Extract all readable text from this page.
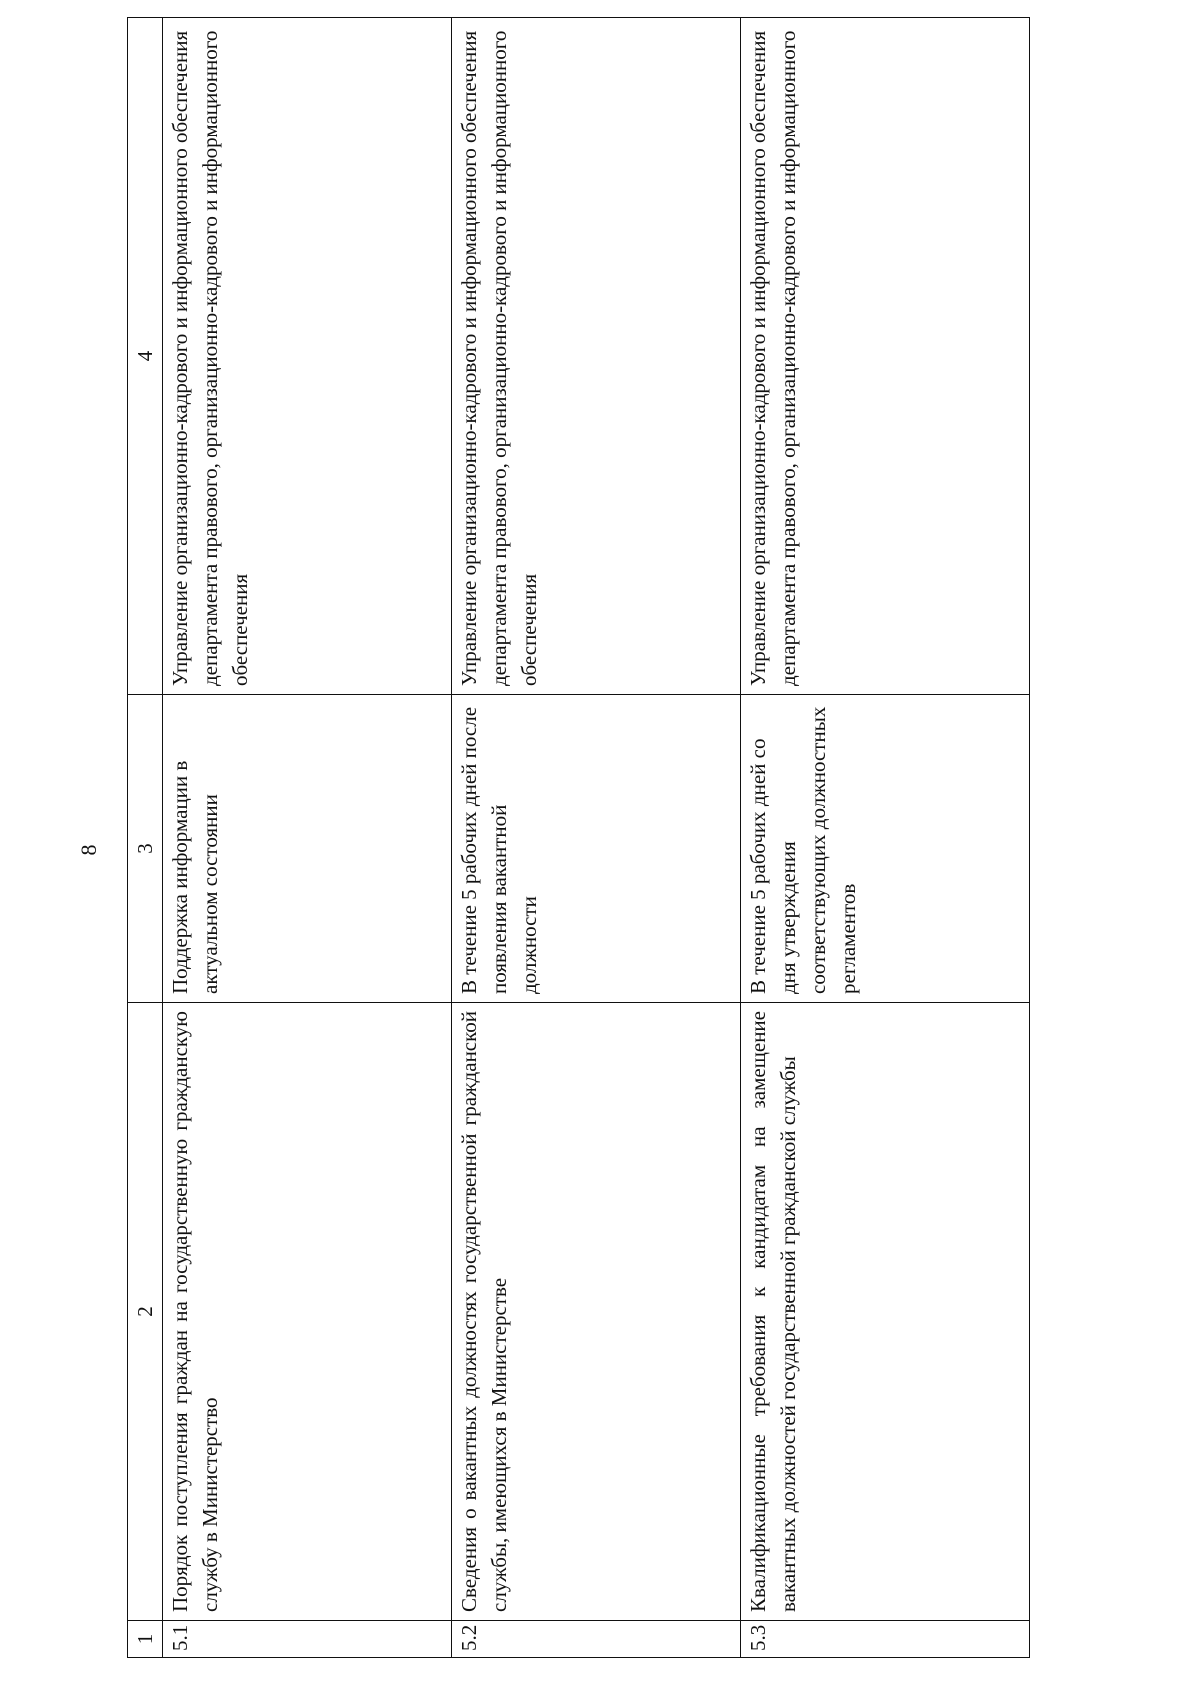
8
1	2	3	4
5.1	Порядок поступления граждан на государственную гражданскую службу в Министерство	Поддержка информации в актуальном состоянии	Управление организационно-кадрового и информационного обеспечения департамента правового, организационно-кадрового и информационного обеспечения
5.2	Сведения о вакантных должностях государственной гражданской службы, имеющихся в Министерстве	В течение 5 рабочих дней после появления вакантной должности	Управление организационно-кадрового и информационного обеспечения департамента правового, организационно-кадрового и информационного обеспечения
5.3	Квалификационные требования к кандидатам на замещение вакантных должностей государственной гражданской службы	В течение 5 рабочих дней со дня утверждения соответствующих должностных регламентов	Управление организационно-кадрового и информационного обеспечения департамента правового, организационно-кадрового и информационного
